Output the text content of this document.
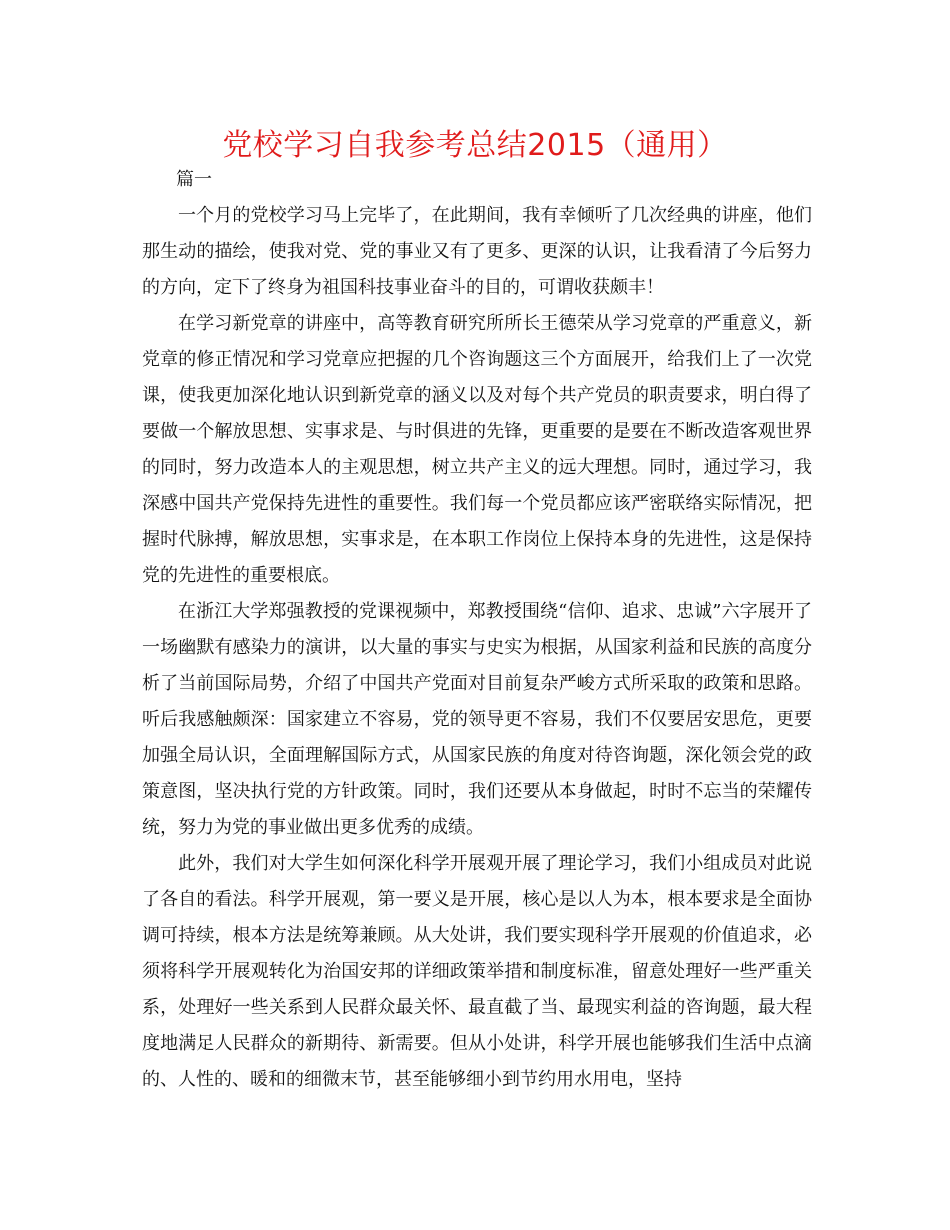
党校学习自我参考总结2015（通用）

篇一

一个月的党校学习马上完毕了，在此期间，我有幸倾听了几次经典的讲座，他们那生动的描绘，使我对党、党的事业又有了更多、更深的认识，让我看清了今后努力的方向，定下了终身为祖国科技事业奋斗的目的，可谓收获颇丰！

在学习新党章的讲座中，高等教育研究所所长王德荣从学习党章的严重意义，新党章的修正情况和学习党章应把握的几个咨询题这三个方面展开，给我们上了一次党课，使我更加深化地认识到新党章的涵义以及对每个共产党员的职责要求，明白得了要做一个解放思想、实事求是、与时俱进的先锋，更重要的是要在不断改造客观世界的同时，努力改造本人的主观思想，树立共产主义的远大理想。同时，通过学习，我深感中国共产党保持先进性的重要性。我们每一个党员都应该严密联络实际情况，把握时代脉搏，解放思想，实事求是，在本职工作岗位上保持本身的先进性，这是保持党的先进性的重要根底。

在浙江大学郑强教授的党课视频中，郑教授围绕“信仰、追求、忠诚”六字展开了一场幽默有感染力的演讲，以大量的事实与史实为根据，从国家利益和民族的高度分析了当前国际局势，介绍了中国共产党面对目前复杂严峻方式所采取的政策和思路。听后我感触颇深：国家建立不容易，党的领导更不容易，我们不仅要居安思危，更要加强全局认识，全面理解国际方式，从国家民族的角度对待咨询题，深化领会党的政策意图，坚决执行党的方针政策。同时，我们还要从本身做起，时时不忘当的荣耀传统，努力为党的事业做出更多优秀的成绩。

此外，我们对大学生如何深化科学开展观开展了理论学习，我们小组成员对此说了各自的看法。科学开展观，第一要义是开展，核心是以人为本，根本要求是全面协调可持续，根本方法是统筹兼顾。从大处讲，我们要实现科学开展观的价值追求，必须将科学开展观转化为治国安邦的详细政策举措和制度标准，留意处理好一些严重关系，处理好一些关系到人民群众最关怀、最直截了当、最现实利益的咨询题，最大程度地满足人民群众的新期待、新需要。但从小处讲，科学开展也能够我们生活中点滴的、人性的、暖和的细微末节，甚至能够细小到节约用水用电，坚持
